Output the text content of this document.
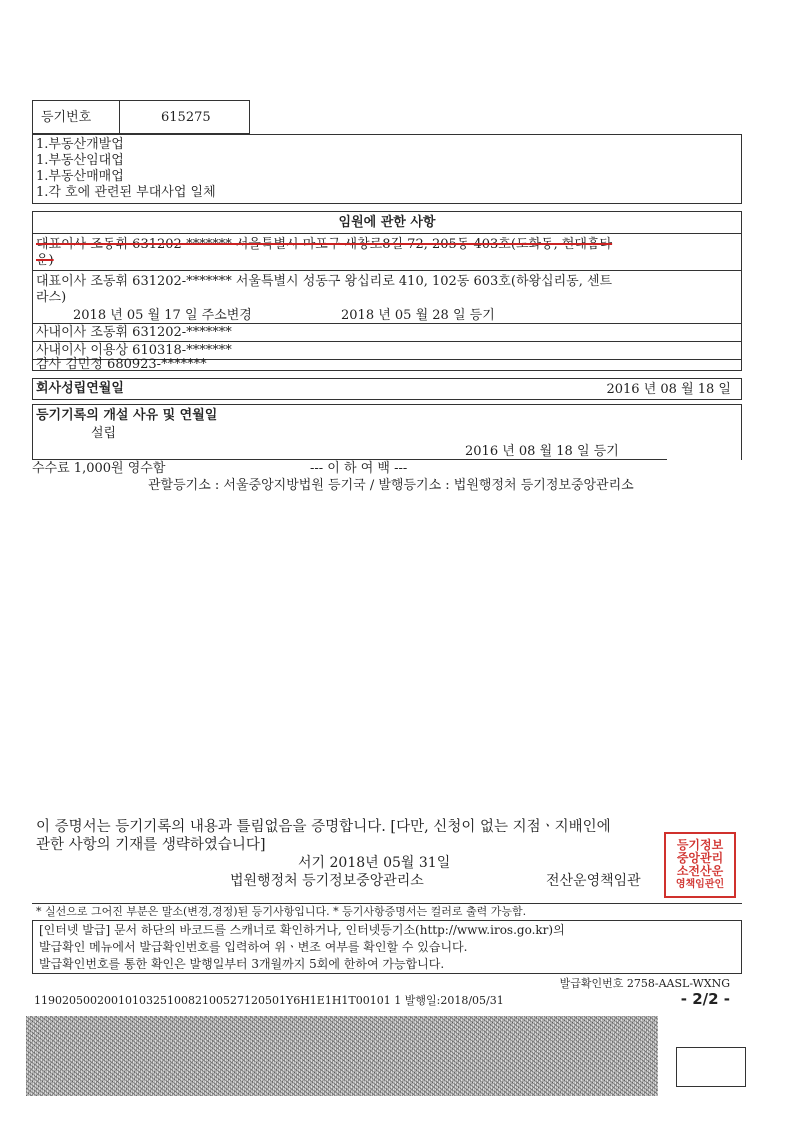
등기번호	615275
1.부동산개발업
1.부동산임대업
1.부동산매매업
1.각 호에 관련된 부대사업 일체
임원에 관한 사항
대표이사 조동휘 631202-******* 서울특별시 마포구 새창로8길 72, 205동 403호(도화동, 현대홈타
운)
대표이사 조동휘 631202-******* 서울특별시 성동구 왕십리로 410, 102동 603호(하왕십리동, 센트
라스)
2018 년 05 월 17 일 주소변경	2018 년 05 월 28 일 등기
사내이사 조동휘 631202-*******
사내이사 이용상 610318-*******
감사 김민정 680923-*******
회사성립연월일	2016 년 08 월 18 일
등기기록의 개설 사유 및 연월일
설립
2016 년 08 월 18 일 등기
수수료 1,000원 영수함	--- 이 하 여 백 ---
관할등기소 : 서울중앙지방법원 등기국 / 발행등기소 : 법원행정처 등기정보중앙관리소
이 증명서는 등기기록의 내용과 틀림없음을 증명합니다. [다만, 신청이 없는 지점ㆍ지배인에
관한 사항의 기재를 생략하였습니다]
서기 2018년 05월 31일
법원행정처 등기정보중앙관리소	전산운영책임관
등기정보
중앙관리
소전산운
영책임관인
* 실선으로 그어진 부분은 말소(변경,경정)된 등기사항입니다. * 등기사항증명서는 컬러로 출력 가능함.
[인터넷 발급] 문서 하단의 바코드를 스캐너로 확인하거나, 인터넷등기소(http://www.iros.go.kr)의
발급확인 메뉴에서 발급확인번호를 입력하여 위ㆍ변조 여부를 확인할 수 있습니다.
발급확인번호를 통한 확인은 발행일부터 3개월까지 5회에 한하여 가능합니다.
발급확인번호 2758-AASL-WXNG
119020500200101032510082100527120501Y6H1E1H1T00101 1 발행일:2018/05/31	- 2/2 -
